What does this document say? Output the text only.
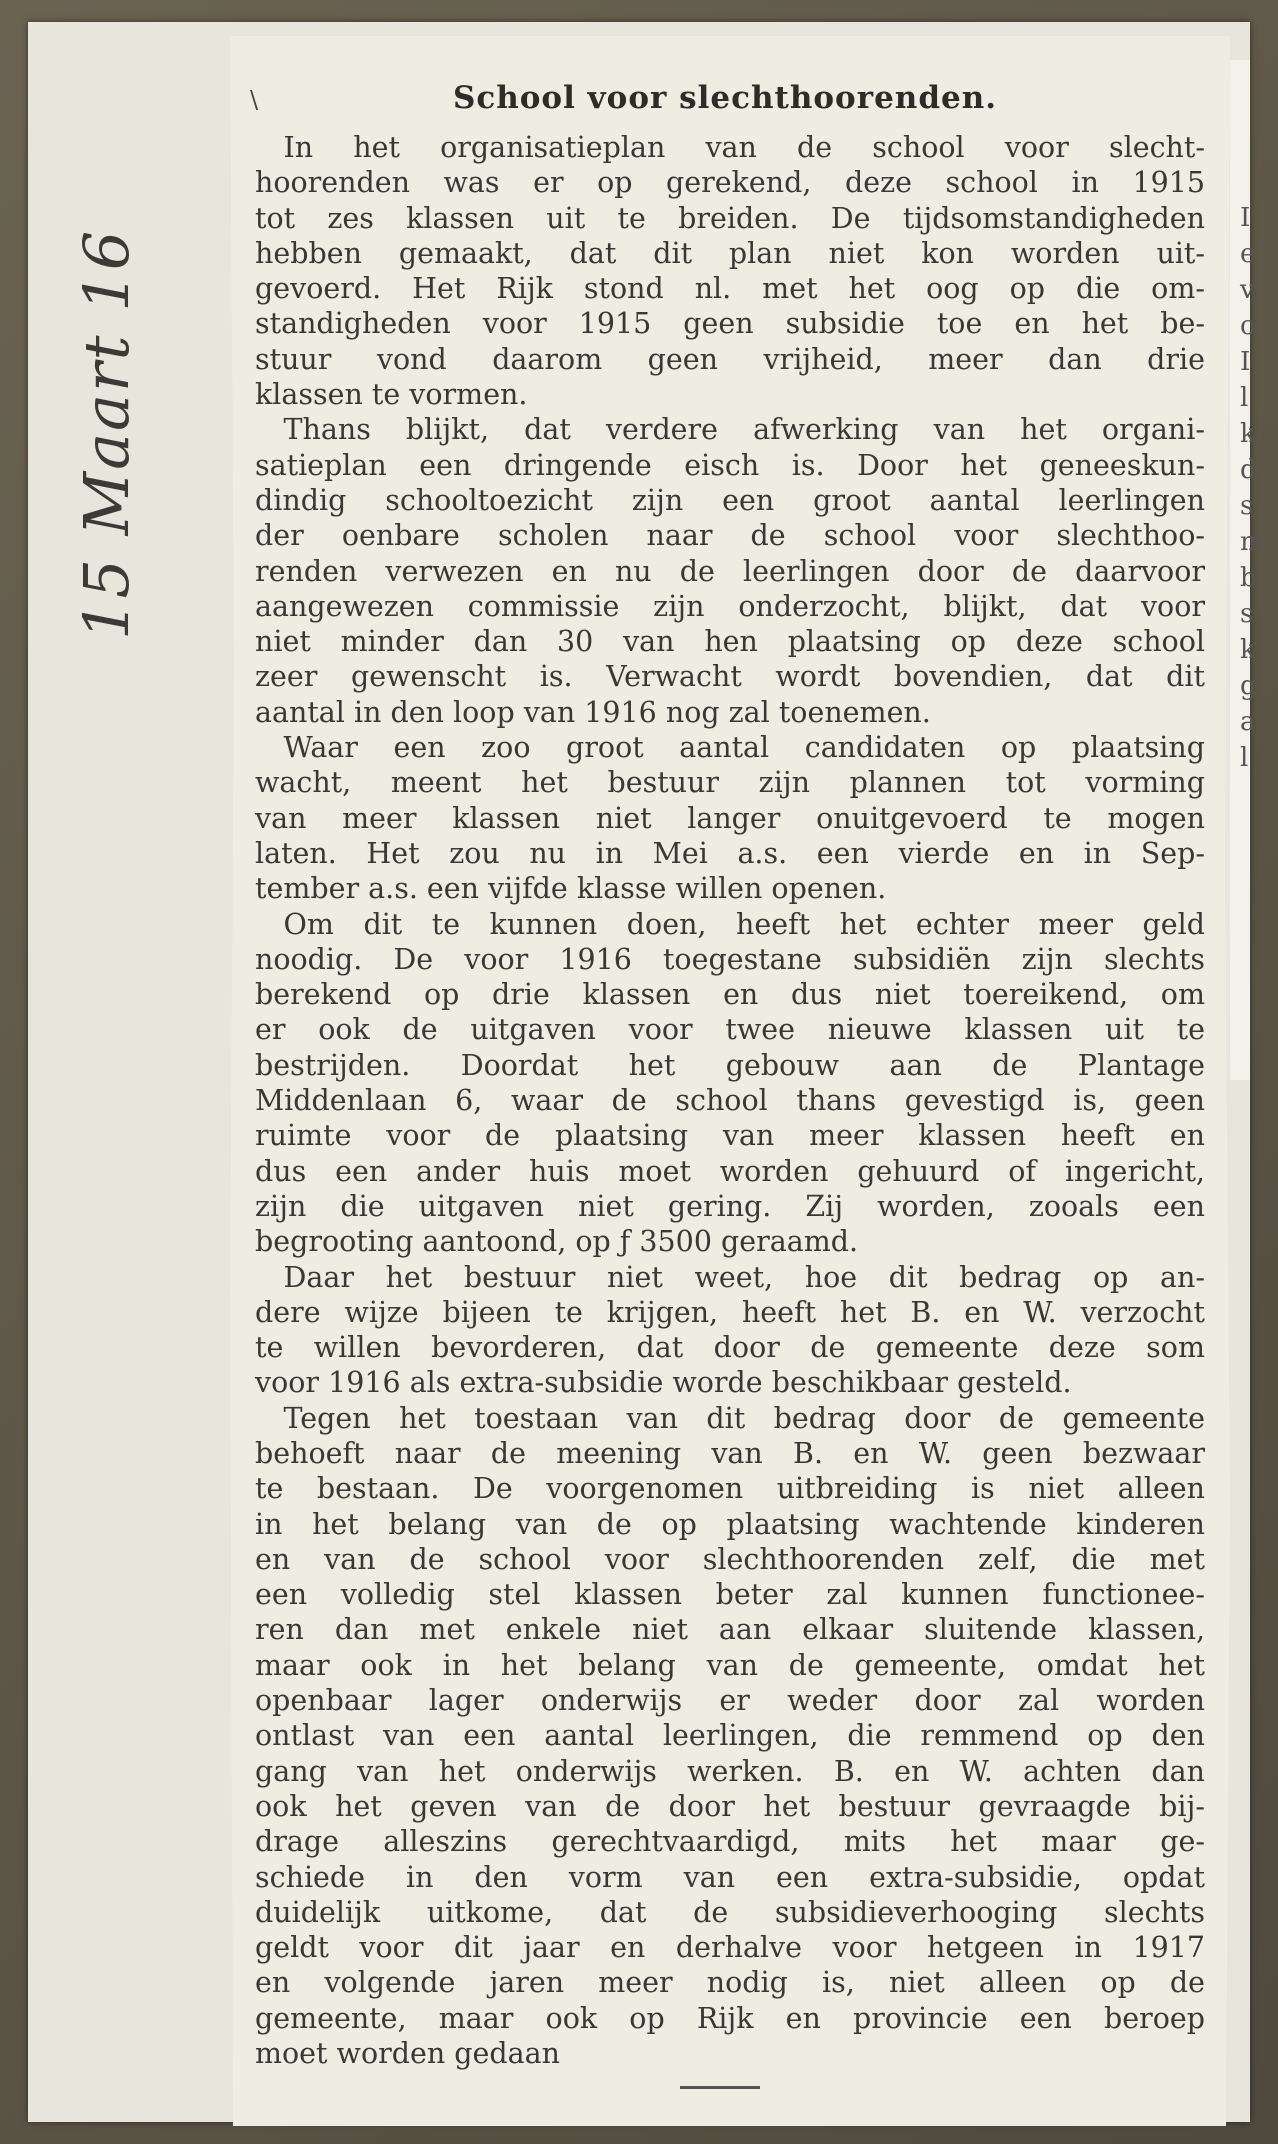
I
e
v
o
I
l
k
d
s
m
b
s
k
g
a
l
\	School voor slechthoorenden.

 In het organisatieplan van de school voor slecht-
hoorenden was er op gerekend, deze school in 1915
tot zes klassen uit te breiden. De tijdsomstandigheden
hebben gemaakt, dat dit plan niet kon worden uit-
gevoerd. Het Rijk stond nl. met het oog op die om-
standigheden voor 1915 geen subsidie toe en het be-
stuur vond daarom geen vrijheid, meer dan drie
klassen te vormen.

 Thans blijkt, dat verdere afwerking van het organi-
satieplan een dringende eisch is. Door het geneeskun-
dindig schooltoezicht zijn een groot aantal leerlingen
der oenbare scholen naar de school voor slechthoo-
renden verwezen en nu de leerlingen door de daarvoor
aangewezen commissie zijn onderzocht, blijkt, dat voor
niet minder dan 30 van hen plaatsing op deze school
zeer gewenscht is. Verwacht wordt bovendien, dat dit
aantal in den loop van 1916 nog zal toenemen.

 Waar een zoo groot aantal candidaten op plaatsing
wacht, meent het bestuur zijn plannen tot vorming
van meer klassen niet langer onuitgevoerd te mogen
laten. Het zou nu in Mei a.s. een vierde en in Sep-
tember a.s. een vijfde klasse willen openen.

 Om dit te kunnen doen, heeft het echter meer geld
noodig. De voor 1916 toegestane subsidiën zijn slechts
berekend op drie klassen en dus niet toereikend, om
er ook de uitgaven voor twee nieuwe klassen uit te
bestrijden. Doordat het gebouw aan de Plantage
Middenlaan 6, waar de school thans gevestigd is, geen
ruimte voor de plaatsing van meer klassen heeft en
dus een ander huis moet worden gehuurd of ingericht,
zijn die uitgaven niet gering. Zij worden, zooals een
begrooting aantoond, op ƒ 3500 geraamd.

 Daar het bestuur niet weet, hoe dit bedrag op an-
dere wijze bijeen te krijgen, heeft het B. en W. verzocht
te willen bevorderen, dat door de gemeente deze som
voor 1916 als extra-subsidie worde beschikbaar gesteld.

 Tegen het toestaan van dit bedrag door de gemeente
behoeft naar de meening van B. en W. geen bezwaar
te bestaan. De voorgenomen uitbreiding is niet alleen
in het belang van de op plaatsing wachtende kinderen
en van de school voor slechthoorenden zelf, die met
een volledig stel klassen beter zal kunnen functionee-
ren dan met enkele niet aan elkaar sluitende klassen,
maar ook in het belang van de gemeente, omdat het
openbaar lager onderwijs er weder door zal worden
ontlast van een aantal leerlingen, die remmend op den
gang van het onderwijs werken. B. en W. achten dan
ook het geven van de door het bestuur gevraagde bij-
drage alleszins gerechtvaardigd, mits het maar ge-
schiede in den vorm van een extra-subsidie, opdat
duidelijk uitkome, dat de subsidieverhooging slechts
geldt voor dit jaar en derhalve voor hetgeen in 1917
en volgende jaren meer nodig is, niet alleen op de
gemeente, maar ook op Rijk en provincie een beroep
moet worden gedaan

15 Maart 16
